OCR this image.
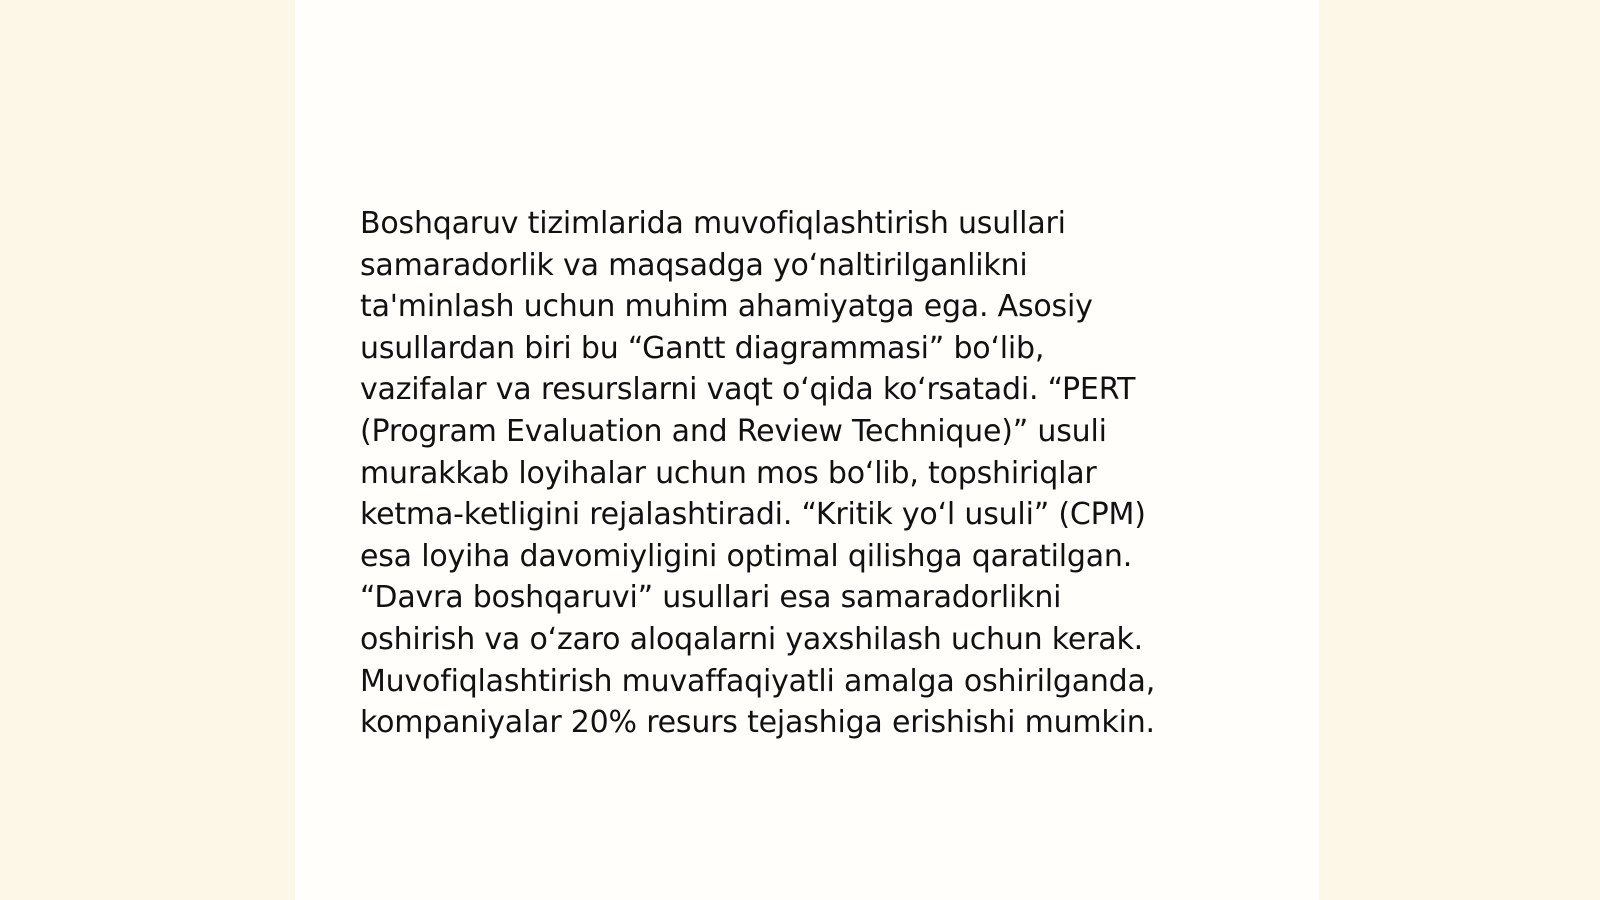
Boshqaruv tizimlarida muvofiqlashtirish usullari
samaradorlik va maqsadga yo‘naltirilganlikni
ta'minlash uchun muhim ahamiyatga ega. Asosiy
usullardan biri bu “Gantt diagrammasi” bo‘lib,
vazifalar va resurslarni vaqt o‘qida ko‘rsatadi. “PERT
(Program Evaluation and Review Technique)” usuli
murakkab loyihalar uchun mos bo‘lib, topshiriqlar
ketma-ketligini rejalashtiradi. “Kritik yo‘l usuli” (CPM)
esa loyiha davomiyligini optimal qilishga qaratilgan.
“Davra boshqaruvi” usullari esa samaradorlikni
oshirish va o‘zaro aloqalarni yaxshilash uchun kerak.
Muvofiqlashtirish muvaffaqiyatli amalga oshirilganda,
kompaniyalar 20% resurs tejashiga erishishi mumkin.
